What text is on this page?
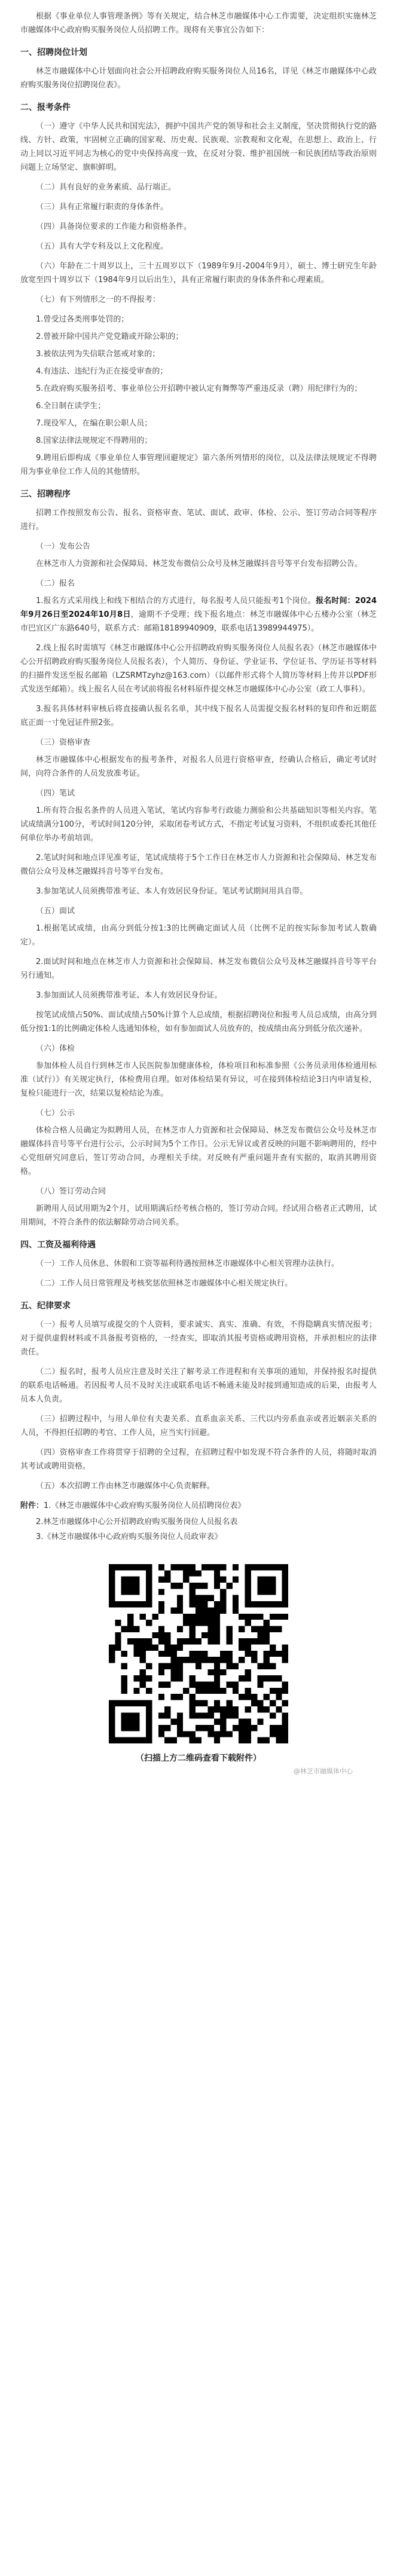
根据《事业单位人事管理条例》等有关规定，结合林芝市融媒体中心工作需要，决定组织实施林芝市融媒体中心政府购买服务岗位人员招聘工作。现将有关事宜公告如下：

一、招聘岗位计划

林芝市融媒体中心计划面向社会公开招聘政府购买服务岗位人员16名，详见《林芝市融媒体中心政府购买服务岗位招聘岗位表》。

二、报考条件

（一）遵守《中华人民共和国宪法》，拥护中国共产党的领导和社会主义制度，坚决贯彻执行党的路线、方针、政策，牢固树立正确的国家观、历史观、民族观、宗教观和文化观，在思想上、政治上、行动上同以习近平同志为核心的党中央保持高度一致，在反对分裂、维护祖国统一和民族团结等政治原则问题上立场坚定、旗帜鲜明。

（二）具有良好的业务素质、品行端正。

（三）具有正常履行职责的身体条件。

（四）具备岗位要求的工作能力和资格条件。

（五）具有大学专科及以上文化程度。

（六）年龄在二十周岁以上，三十五周岁以下（1989年9月-2004年9月），硕士、博士研究生年龄放宽至四十周岁以下（1984年9月以后出生），具有正常履行职责的身体条件和心理素质。

（七）有下列情形之一的不得报考：

1.曾受过各类刑事处罚的；

2.曾被开除中国共产党党籍或开除公职的；

3.被依法列为失信联合惩戒对象的；

4.有违法、违纪行为正在接受审查的；

5.在政府购买服务招考、事业单位公开招聘中被认定有舞弊等严重违反录（聘）用纪律行为的；

6.全日制在读学生；

7.现役军人，在编在职公职人员；

8.国家法律法规规定不得聘用的；

9.聘用后即构成《事业单位人事管理回避规定》第六条所列情形的岗位，以及法律法规规定不得聘用为事业单位工作人员的其他情形。

三、招聘程序

招聘工作按照发布公告、报名、资格审查、笔试、面试、政审、体检、公示、签订劳动合同等程序进行。

（一）发布公告

在林芝市人力资源和社会保障局、林芝发布微信公众号及林芝融媒抖音号等平台发布招聘公告。

（二）报名

1.报名方式采用线上和线下相结合的方式进行，每名报考人员只能报考1个岗位。报名时间：2024年9月26日至2024年10月8日，逾期不予受理；线下报名地点：林芝市融媒体中心五楼办公室（林芝市巴宜区广东路640号，联系方式：邮箱18189940909，联系电话13989944975）。

2.线上报名时需填写《林芝市融媒体中心公开招聘政府购买服务岗位人员报名表》（林芝市融媒体中心公开招聘政府购买服务岗位人员报名表），个人简历、身份证、学业证书、学位证书、学历证书等材料的扫描件发送至报名邮箱（LZSRMTzyhz@163.com）（以邮件形式将个人简历等材料上传并以PDF形式发送至邮箱）。线上报名人员在考试前将报名材料原件提交林芝市融媒体中心办公室（政工人事科）。

3.报名具体材料审核后将直接确认报名名单，其中线下报名人员需提交报名材料的复印件和近期蓝底正面一寸免冠证件照2张。

（三）资格审查

林芝市融媒体中心根据发布的报考条件，对报名人员进行资格审查，经确认合格后，确定考试时间，向符合条件的人员发放准考证。

（四）笔试

1.所有符合报名条件的人员进入笔试，笔试内容参考行政能力测验和公共基础知识等相关内容。笔试成绩满分100分，考试时间120分钟，采取闭卷考试方式，不指定考试复习资料，不组织或委托其他任何单位举办考前培训。

2.笔试时间和地点详见准考证，笔试成绩将于5个工作日在林芝市人力资源和社会保障局、林芝发布微信公众号及林芝融媒抖音号等平台发布。

3.参加笔试人员须携带准考证、本人有效居民身份证。笔试考试期间用具自带。

（五）面试

1.根据笔试成绩，由高分到低分按1:3的比例确定面试人员（比例不足的按实际参加考试人数确定）。

2.面试时间和地点在林芝市人力资源和社会保障局、林芝发布微信公众号及林芝融媒抖音号等平台另行通知。

3.参加面试人员须携带准考证、本人有效居民身份证。

按笔试成绩占50%、面试成绩占50%计算个人总成绩，根据招聘岗位和报考人员总成绩，由高分到低分按1:1的比例确定体检人选通知体检，如有参加面试人员放弃的，按成绩由高分到低分依次递补。

（六）体检

参加体检人员自行到林芝市人民医院参加健康体检，体检项目和标准参照《公务员录用体检通用标准（试行）》有关规定执行，体检费用自理。如对体检结果有异议，可在接到体检结论3日内申请复检，复检只能进行一次，结果以复检结论为准。

（七）公示

体检合格人员确定为拟聘用人员，在林芝市人力资源和社会保障局、林芝发布微信公众号及林芝市融媒体抖音号等平台进行公示，公示时间为5个工作日。公示无异议或者反映的问题不影响聘用的，经中心党组研究同意后，签订劳动合同，办理相关手续。对反映有严重问题并查有实据的，取消其聘用资格。

（八）签订劳动合同

新聘用人员试用期为2个月，试用期满后经考核合格的，签订劳动合同。经试用合格者正式聘用，试用期间，不符合条件的依法解除劳动合同关系。

四、工资及福利待遇

（一）工作人员休息、休假和工资等福利待遇按照林芝市融媒体中心相关管理办法执行。

（二）工作人员日常管理及考核奖惩依照林芝市融媒体中心相关规定执行。

五、纪律要求

（一）报考人员填写或提交的个人资料，要求诚实、真实、准确、有效，不得隐瞒真实情况报考；对于提供虚假材料或不具备报考资格的，一经查实，即取消其报考资格或聘用资格，并承担相应的法律责任。

（二）报名时，报考人员应注意及时关注了解考录工作进程和有关事项的通知，并保持报名时提供的联系电话畅通。若因报考人员不及时关注或联系电话不畅通未能及时接到通知造成的后果，由报考人员本人负责。

（三）招聘过程中，与用人单位有夫妻关系、直系血亲关系、三代以内旁系血亲或者近姻亲关系的人员，不得担任招聘的考官、工作人员，应当实行回避。

（四）资格审查工作将贯穿于招聘的全过程，在招聘过程中如发现不符合条件的人员，将随时取消其考试或聘用资格。

（五）本次招聘工作由林芝市融媒体中心负责解释。

附件：1.《林芝市融媒体中心政府购买服务岗位人员招聘岗位表》

2.林芝市融媒体中心公开招聘政府购买服务岗位人员报名表

3.《林芝市融媒体中心政府购买服务岗位人员政审表》

（扫描上方二维码查看下载附件）

@林芝市融媒体中心
